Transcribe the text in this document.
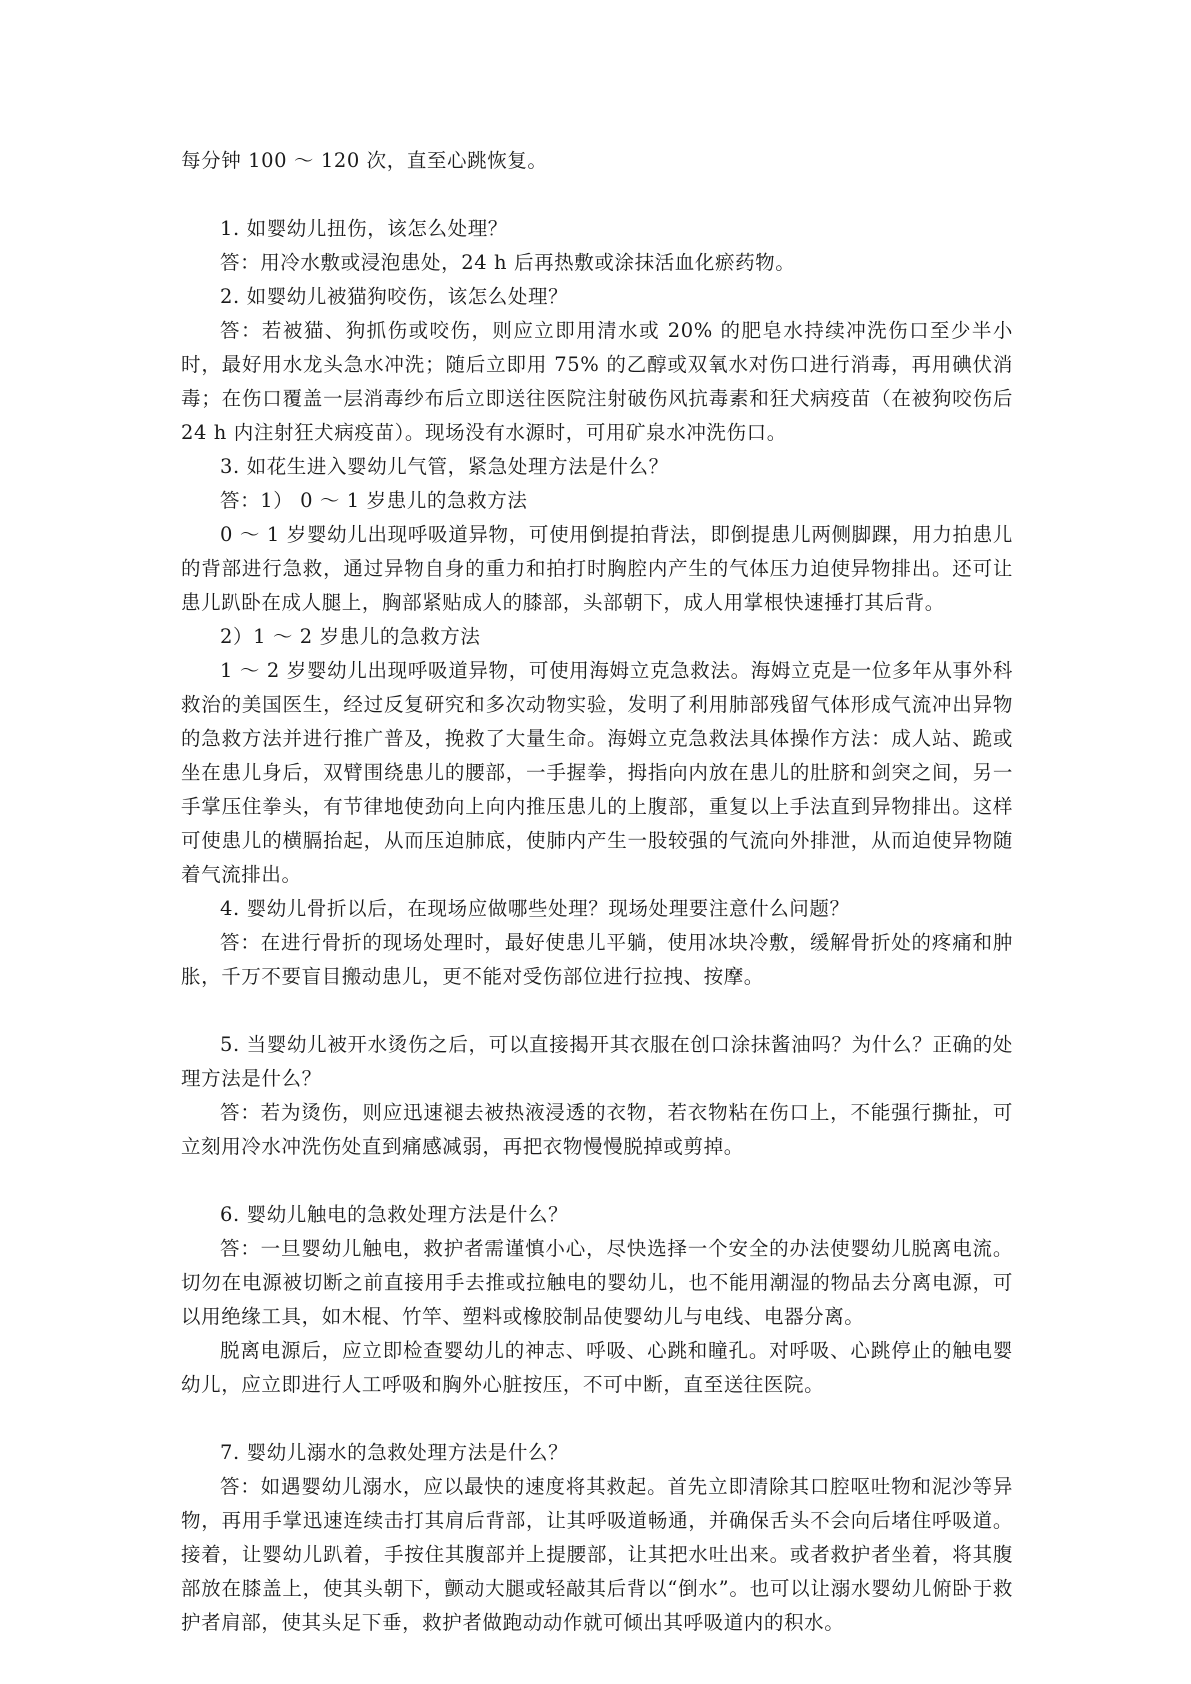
每分钟 100 ～ 120 次，直至心跳恢复。

1. 如婴幼儿扭伤，该怎么处理？

答：用冷水敷或浸泡患处，24 h 后再热敷或涂抹活血化瘀药物。

2. 如婴幼儿被猫狗咬伤，该怎么处理？

答：若被猫、狗抓伤或咬伤，则应立即用清水或 20% 的肥皂水持续冲洗伤口至少半小时，最好用水龙头急水冲洗；随后立即用 75% 的乙醇或双氧水对伤口进行消毒，再用碘伏消毒；在伤口覆盖一层消毒纱布后立即送往医院注射破伤风抗毒素和狂犬病疫苗（在被狗咬伤后 24 h 内注射狂犬病疫苗）。现场没有水源时，可用矿泉水冲洗伤口。

3. 如花生进入婴幼儿气管，紧急处理方法是什么？

答：1） 0 ～ 1 岁患儿的急救方法

0 ～ 1 岁婴幼儿出现呼吸道异物，可使用倒提拍背法，即倒提患儿两侧脚踝，用力拍患儿的背部进行急救，通过异物自身的重力和拍打时胸腔内产生的气体压力迫使异物排出。还可让患儿趴卧在成人腿上，胸部紧贴成人的膝部，头部朝下，成人用掌根快速捶打其后背。

2）1 ～ 2 岁患儿的急救方法

1 ～ 2 岁婴幼儿出现呼吸道异物，可使用海姆立克急救法。海姆立克是一位多年从事外科救治的美国医生，经过反复研究和多次动物实验，发明了利用肺部残留气体形成气流冲出异物的急救方法并进行推广普及，挽救了大量生命。海姆立克急救法具体操作方法：成人站、跪或坐在患儿身后，双臂围绕患儿的腰部，一手握拳，拇指向内放在患儿的肚脐和剑突之间，另一手掌压住拳头，有节律地使劲向上向内推压患儿的上腹部，重复以上手法直到异物排出。这样可使患儿的横膈抬起，从而压迫肺底，使肺内产生一股较强的气流向外排泄，从而迫使异物随着气流排出。

4. 婴幼儿骨折以后，在现场应做哪些处理？现场处理要注意什么问题？

答：在进行骨折的现场处理时，最好使患儿平躺，使用冰块冷敷，缓解骨折处的疼痛和肿胀，千万不要盲目搬动患儿，更不能对受伤部位进行拉拽、按摩。

5. 当婴幼儿被开水烫伤之后，可以直接揭开其衣服在创口涂抹酱油吗？为什么？正确的处理方法是什么？

答：若为烫伤，则应迅速褪去被热液浸透的衣物，若衣物粘在伤口上，不能强行撕扯，可立刻用冷水冲洗伤处直到痛感减弱，再把衣物慢慢脱掉或剪掉。

6. 婴幼儿触电的急救处理方法是什么？

答：一旦婴幼儿触电，救护者需谨慎小心，尽快选择一个安全的办法使婴幼儿脱离电流。切勿在电源被切断之前直接用手去推或拉触电的婴幼儿，也不能用潮湿的物品去分离电源，可以用绝缘工具，如木棍、竹竿、塑料或橡胶制品使婴幼儿与电线、电器分离。

脱离电源后，应立即检查婴幼儿的神志、呼吸、心跳和瞳孔。对呼吸、心跳停止的触电婴幼儿，应立即进行人工呼吸和胸外心脏按压，不可中断，直至送往医院。

7. 婴幼儿溺水的急救处理方法是什么？

答：如遇婴幼儿溺水，应以最快的速度将其救起。首先立即清除其口腔呕吐物和泥沙等异物，再用手掌迅速连续击打其肩后背部，让其呼吸道畅通，并确保舌头不会向后堵住呼吸道。接着，让婴幼儿趴着，手按住其腹部并上提腰部，让其把水吐出来。或者救护者坐着，将其腹部放在膝盖上，使其头朝下，颤动大腿或轻敲其后背以“倒水”。也可以让溺水婴幼儿俯卧于救护者肩部，使其头足下垂，救护者做跑动动作就可倾出其呼吸道内的积水。
